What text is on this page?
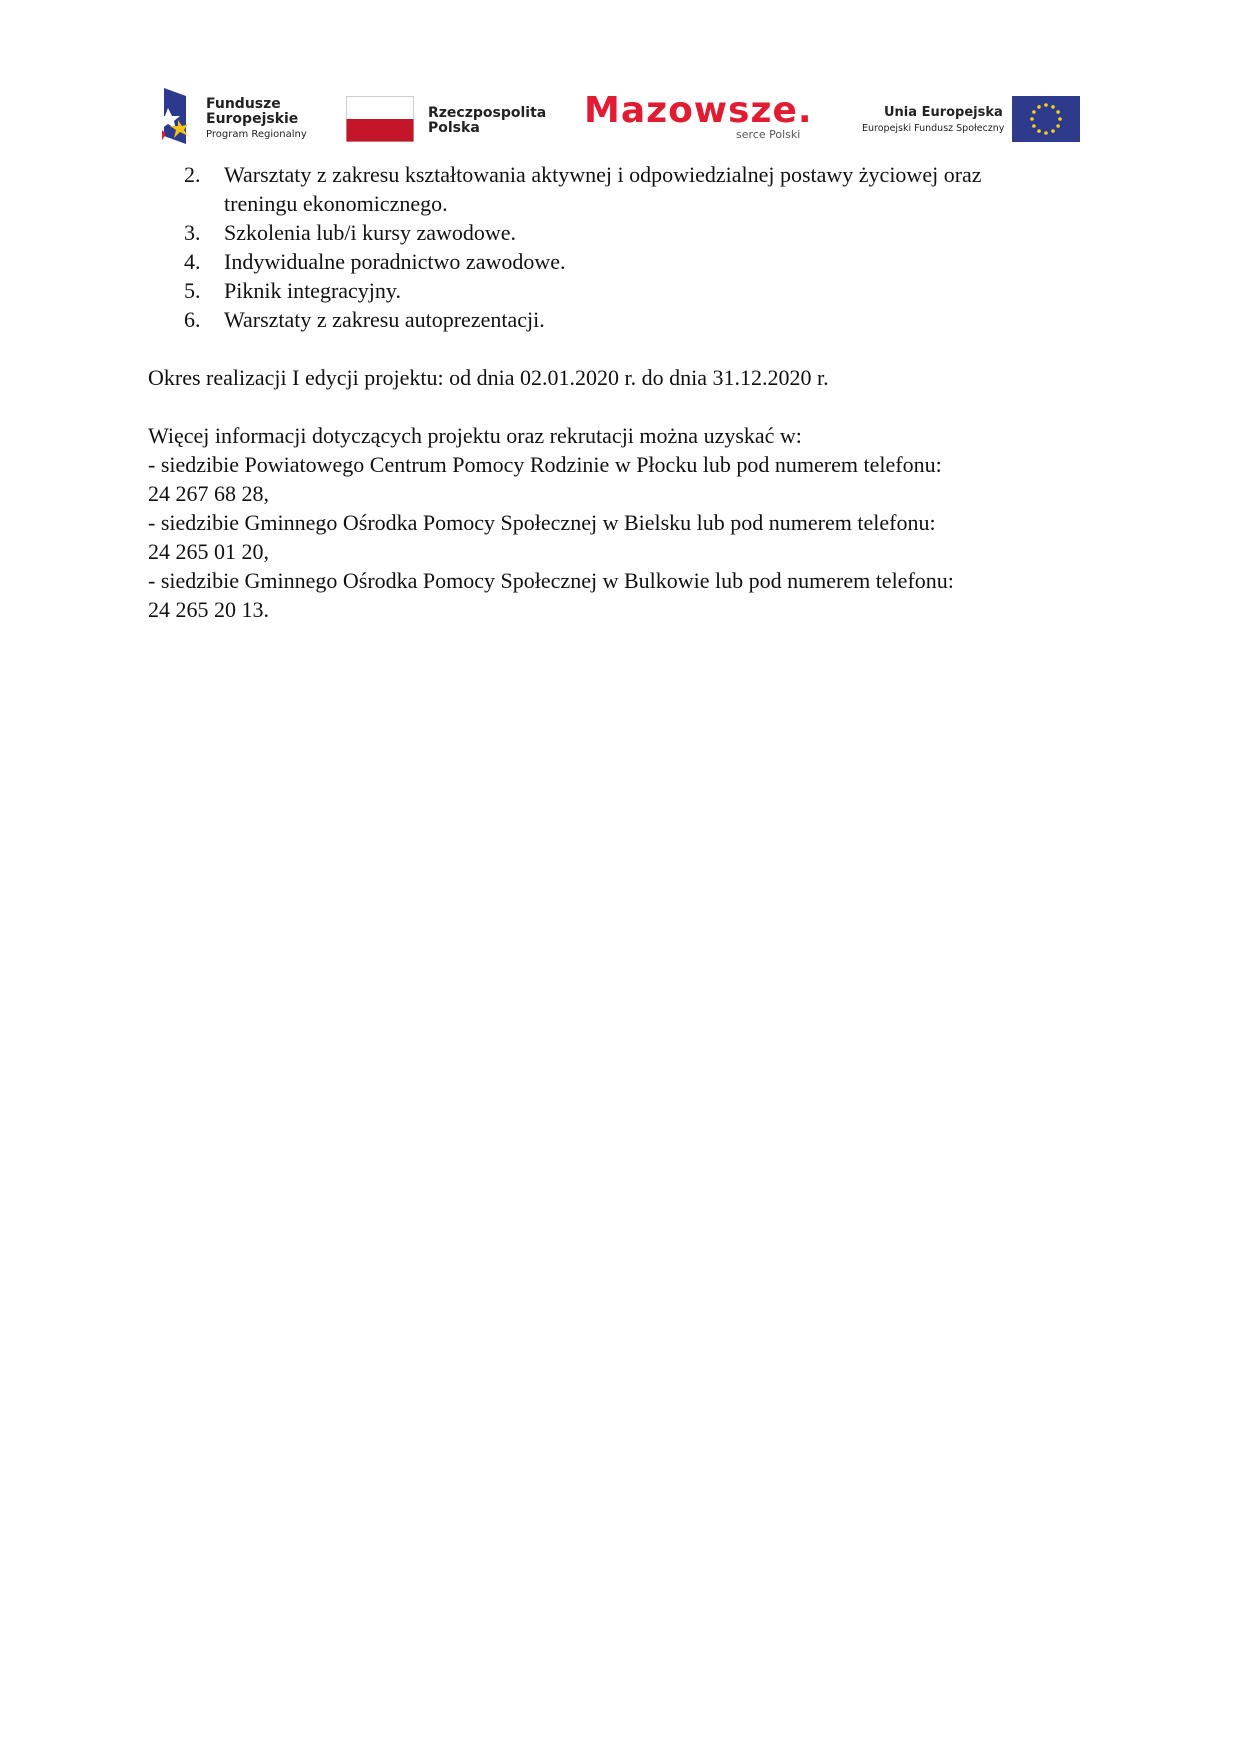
Fundusze
Europejskie
Program Regionalny
Rzeczpospolita
Polska	Mazowsze.
serce Polski
Unia Europejska
Europejski Fundusz Społeczny
2.	Warsztaty z zakresu kształtowania aktywnej i odpowiedzialnej postawy życiowej oraz
treningu ekonomicznego.
3.	Szkolenia lub/i kursy zawodowe.
4.	Indywidualne poradnictwo zawodowe.
5.	Piknik integracyjny.
6.	Warsztaty z zakresu autoprezentacji.

Okres realizacji I edycji projektu: od dnia 02.01.2020 r. do dnia 31.12.2020 r.

Więcej informacji dotyczących projektu oraz rekrutacji można uzyskać w:
- siedzibie Powiatowego Centrum Pomocy Rodzinie w Płocku lub pod numerem telefonu:
24 267 68 28,
- siedzibie Gminnego Ośrodka Pomocy Społecznej w Bielsku lub pod numerem telefonu:
24 265 01 20,
- siedzibie Gminnego Ośrodka Pomocy Społecznej w Bulkowie lub pod numerem telefonu:
24 265 20 13.
